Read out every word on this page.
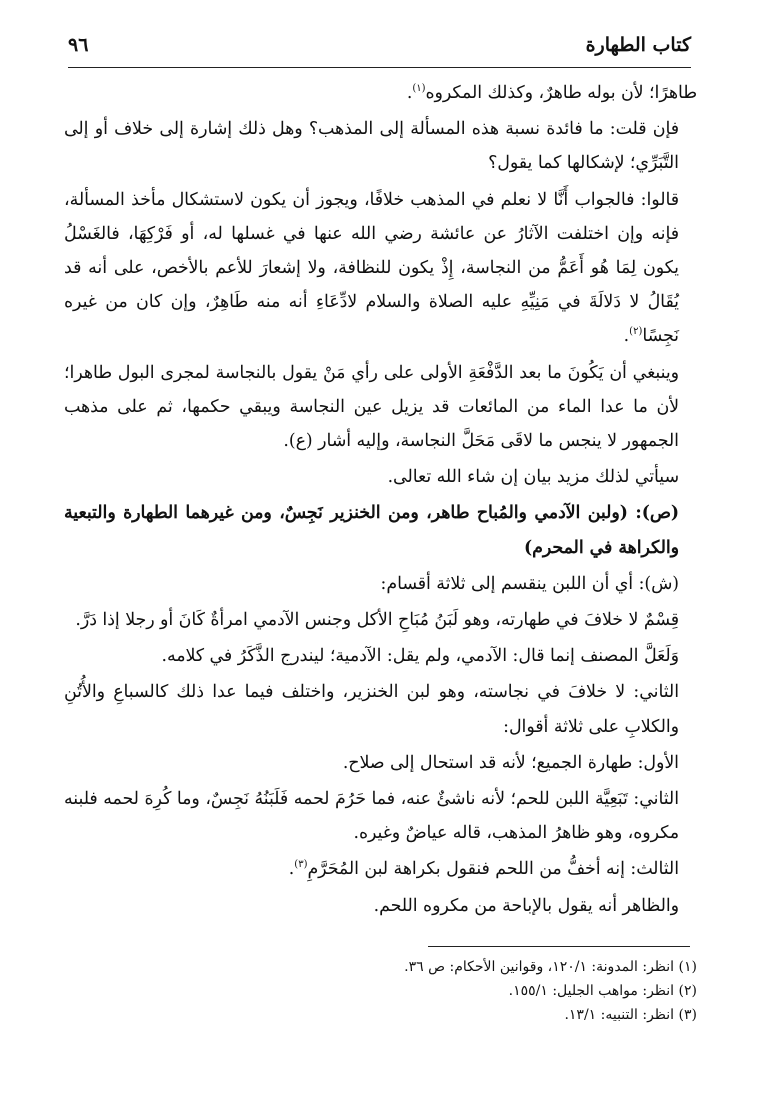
كتاب الطهارة
٩٦

طاهرًا؛ لأن بوله طاهرٌ، وكذلك المكروه$^{(١)}$.

فإن قلت: ما فائدة نسبة هذه المسألة إلى المذهب؟ وهل ذلك إشارة إلى خلاف أو إلى التَّبَرِّي؛ لإشكالها كما يقول؟

قالوا: فالجواب أَنَّا لا نعلم في المذهب خلافًا، ويجوز أن يكون لاستشكال مأخذ المسألة، فإنه وإن اختلفت الآثارُ عن عائشة رضي الله عنها في غسلها له، أو فَرْكِهَا، فالغَسْلُ يكون لِمَا هُو أَعَمُّ من النجاسة، إِذْ يكون للنظافة، ولا إشعارَ للأعم بالأخص، على أنه قد يُقَالُ لا دَلالَةَ في مَنِيِّهِ عليه الصلاة والسلام لادِّعَاءِ أنه منه طَاهِرٌ، وإن كان من غيره نَجِسًا$^{(٢)}$.

وينبغي أن يَكُونَ ما بعد الدَّفْعَةِ الأولى على رأي مَنْ يقول بالنجاسة لمجرى البول طاهرا؛ لأن ما عدا الماء من المائعات قد يزيل عين النجاسة ويبقي حكمها، ثم على مذهب الجمهور لا ينجس ما لاقَى مَحَلَّ النجاسة، وإليه أشار (ع).

سيأتي لذلك مزيد بيان إن شاء الله تعالى.

(ص): (ولبن الآدمي والمُباح طاهر، ومن الخنزير نَجِسٌ، ومن غيرهما الطهارة والتبعية والكراهة في المحرم)

(ش): أي أن اللبن ينقسم إلى ثلاثة أقسام:

قِسْمٌ لا خلافَ في طهارته، وهو لَبَنُ مُبَاحِ الأكل وجنس الآدمي امرأةٌ كَانَ أو رجلا إذا دَرَّ.

وَلَعَلَّ المصنف إنما قال: الآدمي، ولم يقل: الآدمية؛ ليندرج الذَّكَرُ في كلامه.

الثاني: لا خلافَ في نجاسته، وهو لبن الخنزير، واختلف فيما عدا ذلك كالسباعِ والأُتُنِ والكلابِ على ثلاثة أقوال:

الأول: طهارة الجميع؛ لأنه قد استحال إلى صلاح.

الثاني: تَبَعِيَّة اللبن للحم؛ لأنه ناشئٌ عنه، فما حَرُمَ لحمه فَلَبَنُهُ نَجِسٌ، وما كُرِهَ لحمه فلبنه مكروه، وهو ظاهرُ المذهب، قاله عياضٌ وغيره.

الثالث: إنه أخفُّ من اللحم فنقول بكراهة لبن المُحَرَّمِ$^{(٣)}$.

والظاهر أنه يقول بالإباحة من مكروه اللحم.

(١) انظر: المدونة: ١٢٠/١، وقوانين الأحكام: ص ٣٦.
(٢) انظر: مواهب الجليل: ١٥٥/١.
(٣) انظر: التنبيه: ١٣/١.
